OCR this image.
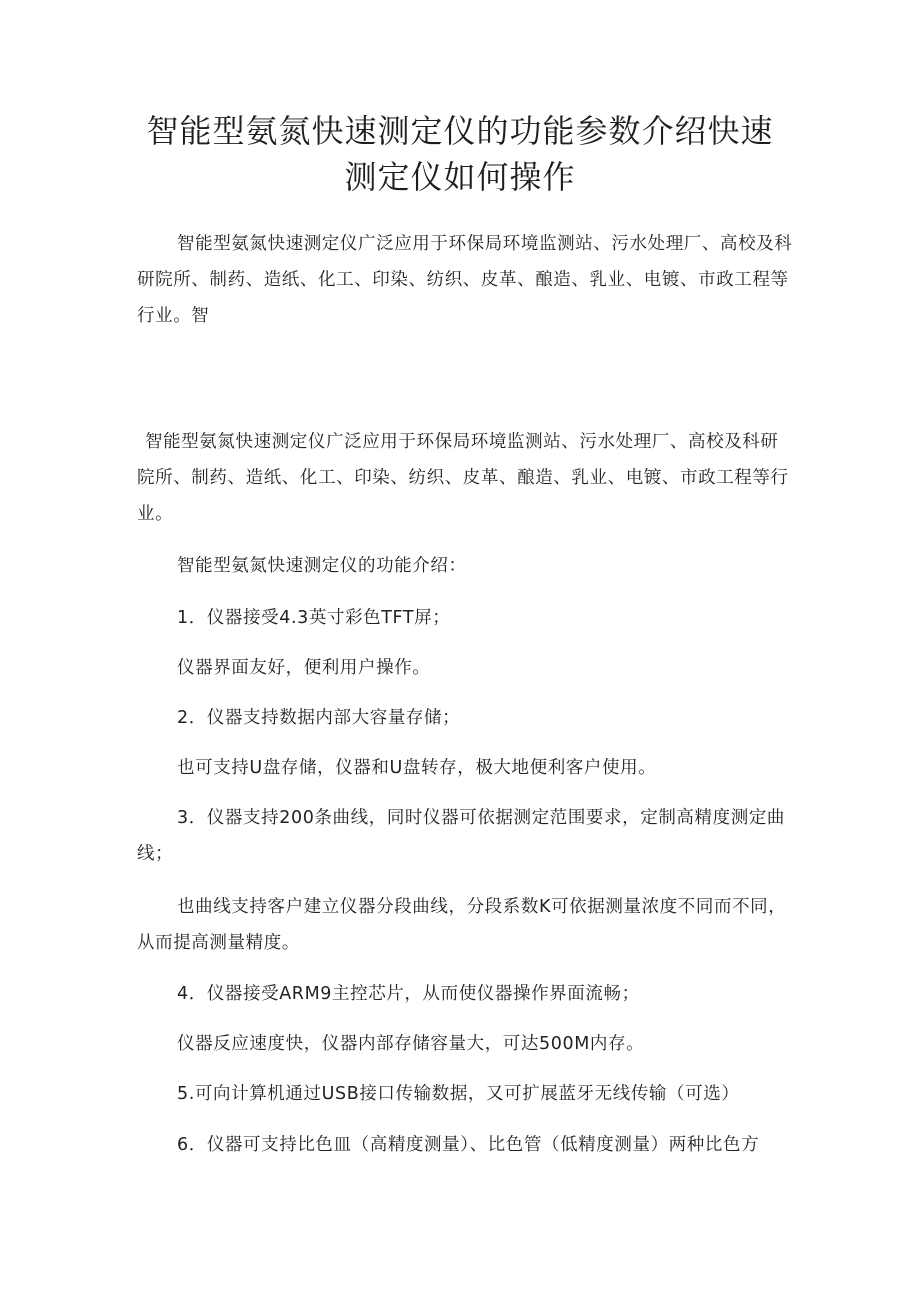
智能型氨氮快速测定仪的功能参数介绍快速
测定仪如何操作

智能型氨氮快速测定仪广泛应用于环保局环境监测站、污水处理厂、高校及科研院所、制药、造纸、化工、印染、纺织、皮革、酿造、乳业、电镀、市政工程等行业。智

智能型氨氮快速测定仪广泛应用于环保局环境监测站、污水处理厂、高校及科研院所、制药、造纸、化工、印染、纺织、皮革、酿造、乳业、电镀、市政工程等行业。

智能型氨氮快速测定仪的功能介绍：

1．仪器接受4.3英寸彩色TFT屏；

仪器界面友好，便利用户操作。

2．仪器支持数据内部大容量存储；

也可支持U盘存储，仪器和U盘转存，极大地便利客户使用。

3．仪器支持200条曲线，同时仪器可依据测定范围要求，定制高精度测定曲线；

也曲线支持客户建立仪器分段曲线，分段系数K可依据测量浓度不同而不同，从而提高测量精度。

4．仪器接受ARM9主控芯片，从而使仪器操作界面流畅；

仪器反应速度快，仪器内部存储容量大，可达500M内存。

5.可向计算机通过USB接口传输数据，又可扩展蓝牙无线传输（可选）

6．仪器可支持比色皿（高精度测量）、比色管（低精度测量）两种比色方
